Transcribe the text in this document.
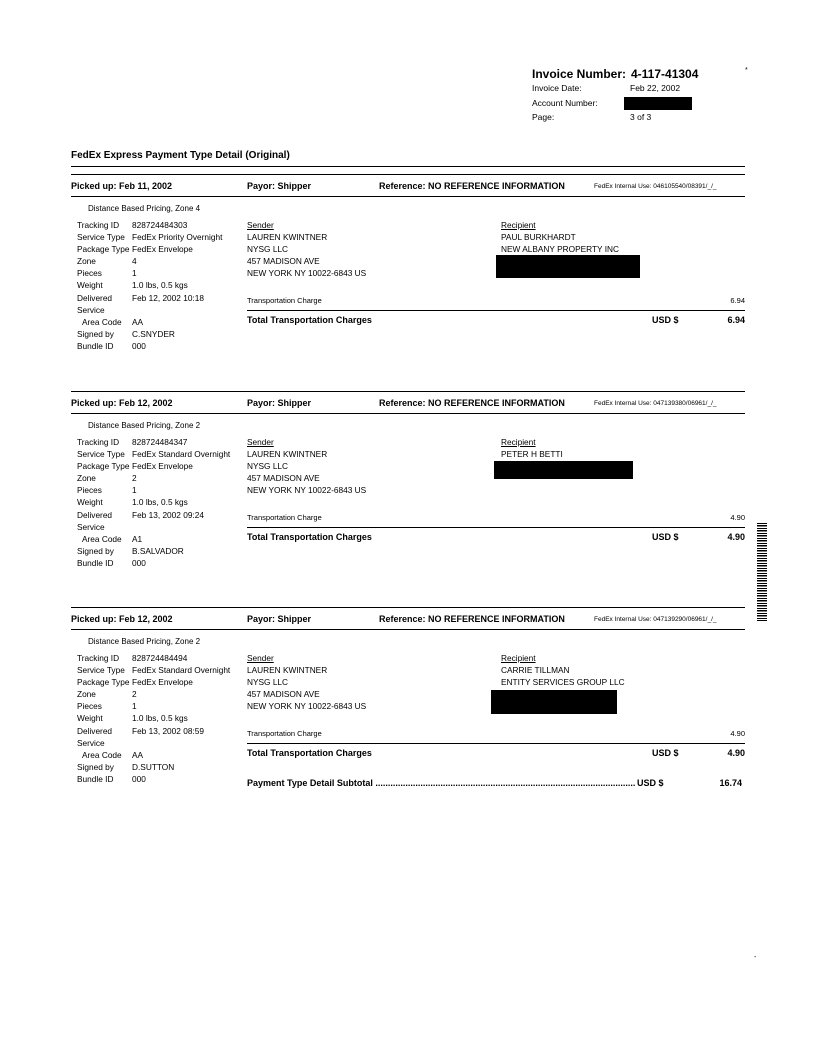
Invoice Number: 4-117-41304	*
Invoice Date:	Feb 22, 2002
Account Number:
Page:	3 of 3
FedEx Express Payment Type Detail (Original)
Picked up: Feb 11, 2002	Payor: Shipper	Reference: NO REFERENCE INFORMATION	FedEx Internal Use: 046105540/08391/_/_
Distance Based Pricing, Zone 4
Tracking ID	828724484303
Service Type FedEx Priority Overnight
Package Type FedEx Envelope
Zone	4
Pieces	1
Weight	1.0 lbs, 0.5 kgs
Delivered	Feb 12, 2002 10:18
Service
Area Code	AA
Signed by	C.SNYDER
Bundle ID	000
Sender
LAUREN KWINTNER
NYSG LLC
457 MADISON AVE
NEW YORK NY 10022-6843 US
Recipient
PAUL BURKHARDT
NEW ALBANY PROPERTY INC
Transportation Charge	6.94
Total Transportation Charges	USD $	6.94
Picked up: Feb 12, 2002	Payor: Shipper	Reference: NO REFERENCE INFORMATION	FedEx Internal Use: 047139380/06961/_/_
Distance Based Pricing, Zone 2
Tracking ID	828724484347
Service Type FedEx Standard Overnight
Package Type FedEx Envelope
Zone	2
Pieces	1
Weight	1.0 lbs, 0.5 kgs
Delivered	Feb 13, 2002 09:24
Service
Area Code	A1
Signed by	B.SALVADOR
Bundle ID	000
Sender
LAUREN KWINTNER
NYSG LLC
457 MADISON AVE
NEW YORK NY 10022-6843 US
Recipient
PETER H BETTI
Transportation Charge	4.90
Total Transportation Charges	USD $	4.90
Picked up: Feb 12, 2002	Payor: Shipper	Reference: NO REFERENCE INFORMATION	FedEx Internal Use: 047139290/06961/_/_
Distance Based Pricing, Zone 2
Tracking ID	828724484494
Service Type FedEx Standard Overnight
Package Type FedEx Envelope
Zone	2
Pieces	1
Weight	1.0 lbs, 0.5 kgs
Delivered	Feb 13, 2002 08:59
Service
Area Code	AA
Signed by	D.SUTTON
Bundle ID	000
Sender
LAUREN KWINTNER
NYSG LLC
457 MADISON AVE
NEW YORK NY 10022-6843 US
Recipient
CARRIE TILLMAN
ENTITY SERVICES GROUP LLC
Transportation Charge	4.90
Total Transportation Charges	USD $	4.90
Payment Type Detail Subtotal ........................................................................................................ USD $	16.74
-
